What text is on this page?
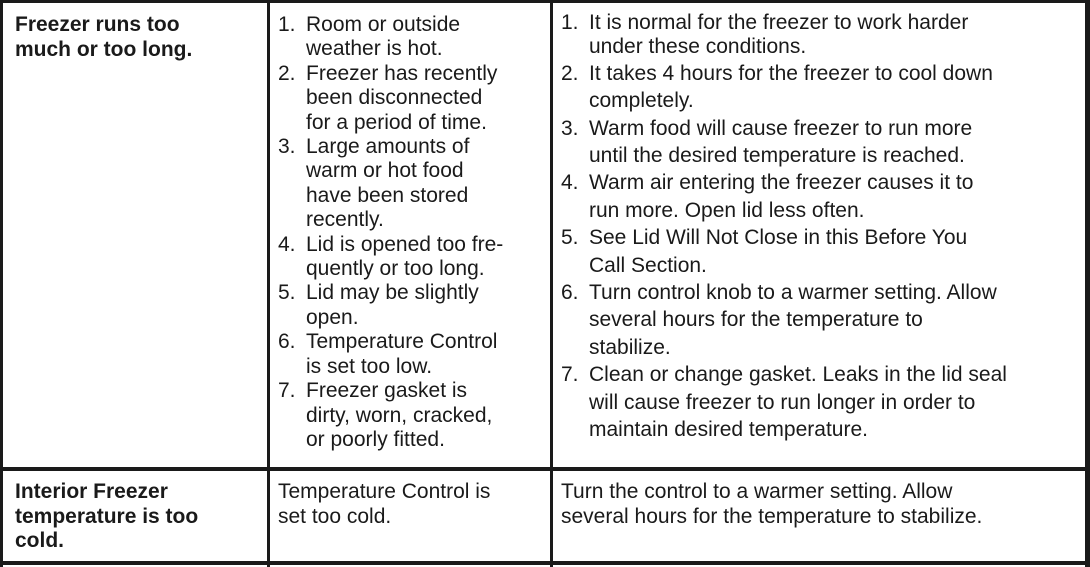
Freezer runs too
much or too long.
1. Room or outside
weather is hot.
2. Freezer has recently
been disconnected
for a period of time.
3. Large amounts of
warm or hot food
have been stored
recently.
4. Lid is opened too fre-
quently or too long.
5. Lid may be slightly
open.
6. Temperature Control
is set too low.
7. Freezer gasket is
dirty, worn, cracked,
or poorly fitted.
1. It is normal for the freezer to work harder
under these conditions.
2. It takes 4 hours for the freezer to cool down
completely.
3. Warm food will cause freezer to run more
until the desired temperature is reached.
4. Warm air entering the freezer causes it to
run more. Open lid less often.
5. See Lid Will Not Close in this Before You
Call Section.
6. Turn control knob to a warmer setting. Allow
several hours for the temperature to
stabilize.
7. Clean or change gasket. Leaks in the lid seal
will cause freezer to run longer in order to
maintain desired temperature.
Interior Freezer
temperature is too
cold.
Temperature Control is
set too cold.
Turn the control to a warmer setting. Allow
several hours for the temperature to stabilize.
